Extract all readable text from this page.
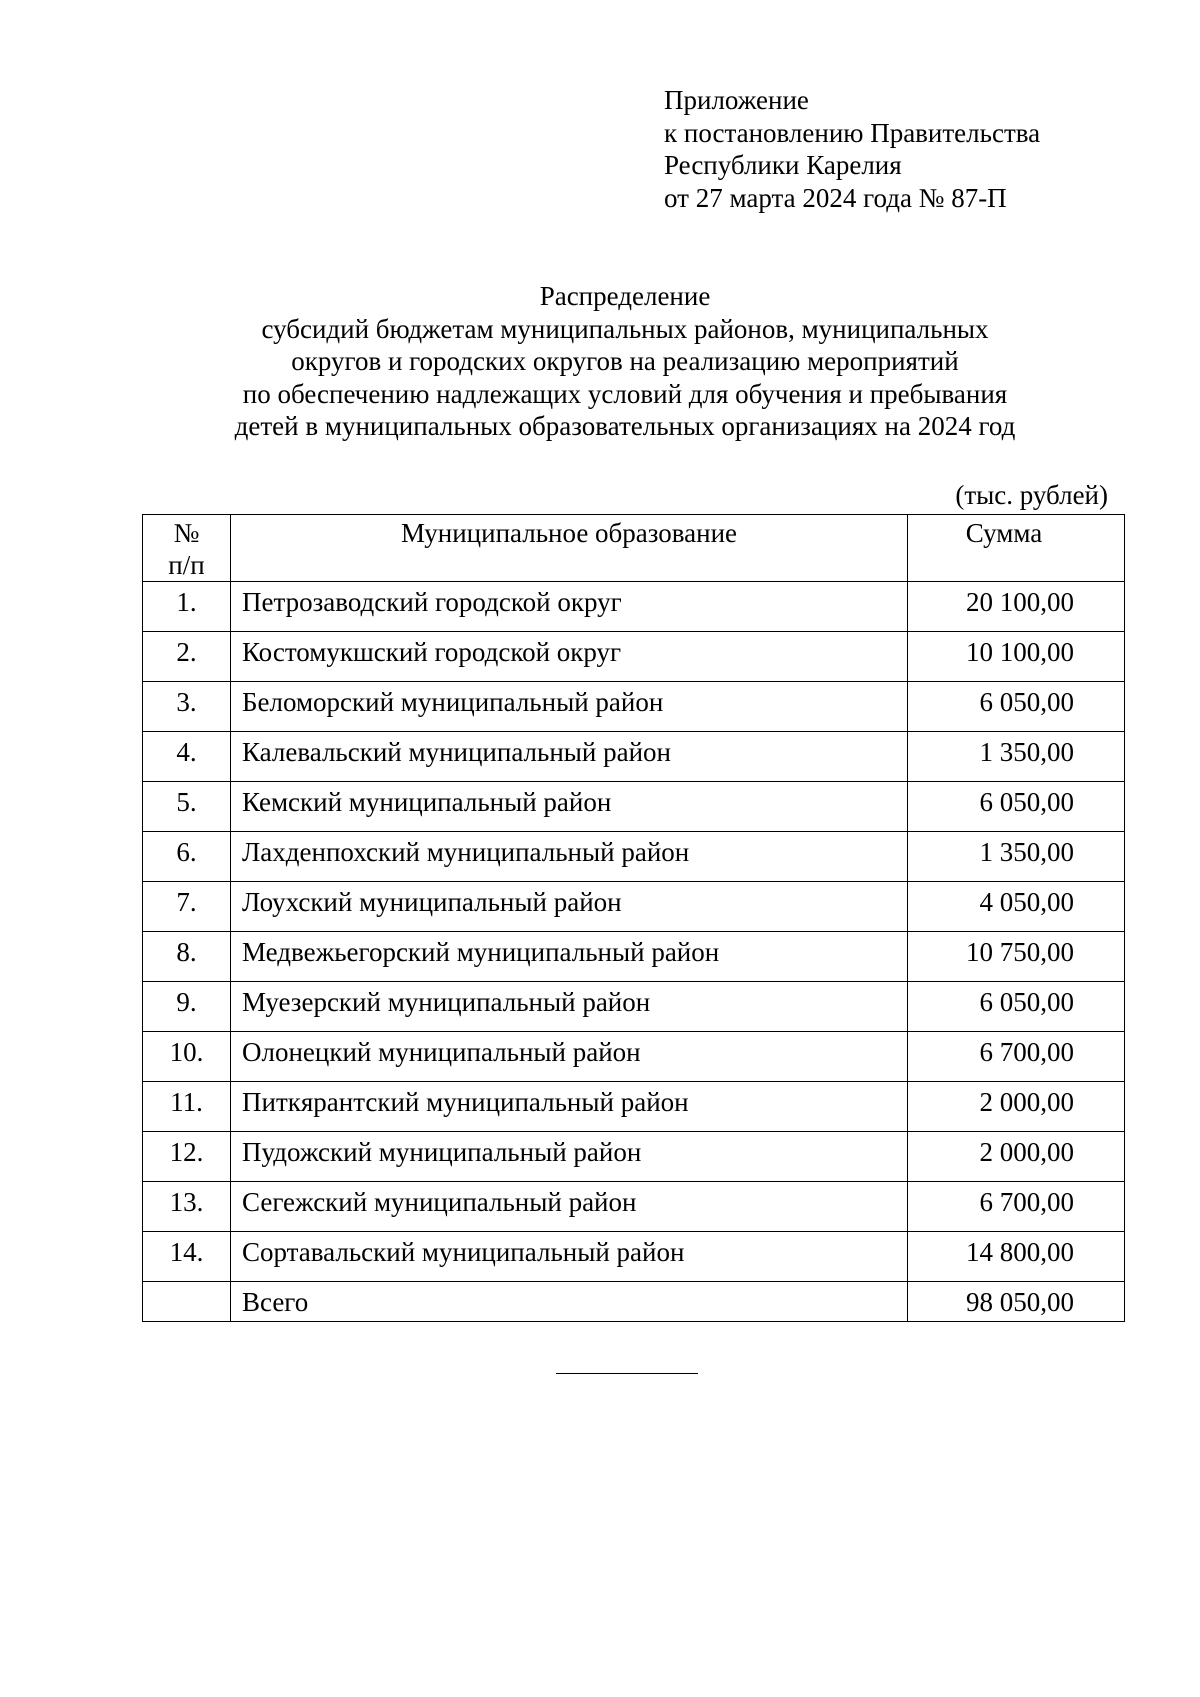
Приложение
к постановлению Правительства
Республики Карелия
от 27 марта 2024 года № 87-П
Распределение
субсидий бюджетам муниципальных районов, муниципальных
округов и городских округов на реализацию мероприятий
по обеспечению надлежащих условий для обучения и пребывания
детей в муниципальных образовательных организациях на 2024 год
(тыс. рублей)
№
п/п	Муниципальное образование	Сумма
1.	Петрозаводский городской округ	20 100,00
2.	Костомукшский городской округ	10 100,00
3.	Беломорский муниципальный район	6 050,00
4.	Калевальский муниципальный район	1 350,00
5.	Кемский муниципальный район	6 050,00
6.	Лахденпохский муниципальный район	1 350,00
7.	Лоухский муниципальный район	4 050,00
8.	Медвежьегорский муниципальный район	10 750,00
9.	Муезерский муниципальный район	6 050,00
10.	Олонецкий муниципальный район	6 700,00
11.	Питкярантский муниципальный район	2 000,00
12.	Пудожский муниципальный район	2 000,00
13.	Сегежский муниципальный район	6 700,00
14.	Сортавальский муниципальный район	14 800,00
	Всего	98 050,00
